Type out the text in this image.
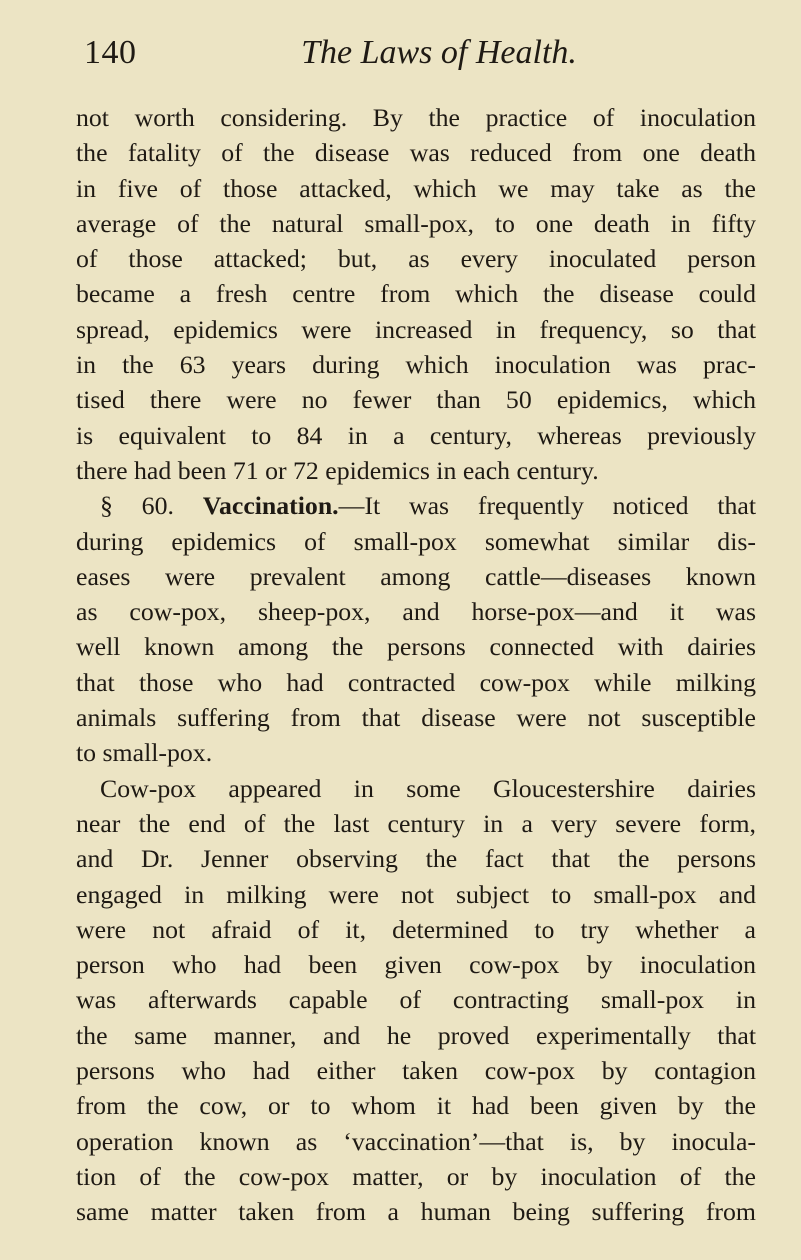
140	The Laws of Health.
not worth considering. By the practice of inoculation
the fatality of the disease was reduced from one death
in five of those attacked, which we may take as the
average of the natural small-pox, to one death in fifty
of those attacked; but, as every inoculated person
became a fresh centre from which the disease could
spread, epidemics were increased in frequency, so that
in the 63 years during which inoculation was prac-
tised there were no fewer than 50 epidemics, which
is equivalent to 84 in a century, whereas previously
there had been 71 or 72 epidemics in each century.
§ 60. Vaccination.—It was frequently noticed that
during epidemics of small-pox somewhat similar dis-
eases were prevalent among cattle—diseases known
as cow-pox, sheep-pox, and horse-pox—and it was
well known among the persons connected with dairies
that those who had contracted cow-pox while milking
animals suffering from that disease were not susceptible
to small-pox.
Cow-pox appeared in some Gloucestershire dairies
near the end of the last century in a very severe form,
and Dr. Jenner observing the fact that the persons
engaged in milking were not subject to small-pox and
were not afraid of it, determined to try whether a
person who had been given cow-pox by inoculation
was afterwards capable of contracting small-pox in
the same manner, and he proved experimentally that
persons who had either taken cow-pox by contagion
from the cow, or to whom it had been given by the
operation known as ‘vaccination’—that is, by inocula-
tion of the cow-pox matter, or by inoculation of the
same matter taken from a human being suffering from
